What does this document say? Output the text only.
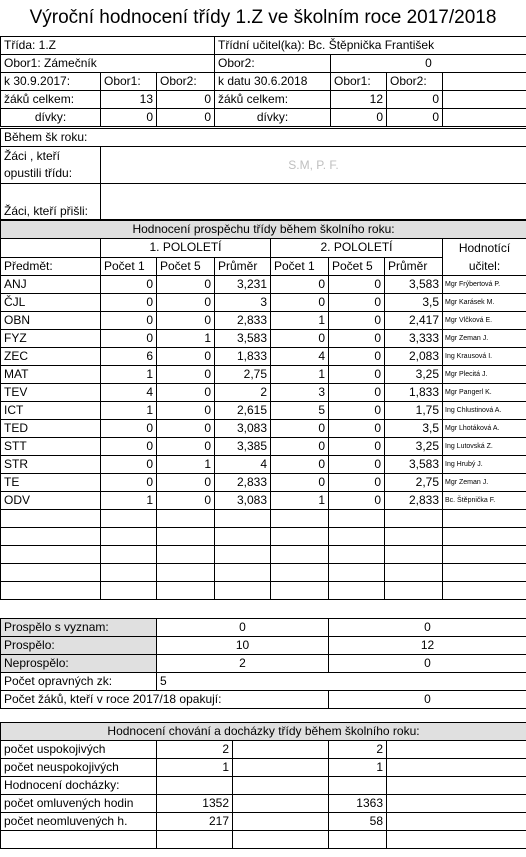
Výroční hodnocení třídy 1.Z ve školním roce 2017/2018
Třída: 1.Z			Třídní učitel(ka): Bc. Štěpnička František			
Obor1: Zámečník			Obor2:	0		
k 30.9.2017:	Obor1:	Obor2:	k datu 30.6.2018	Obor1:	Obor2:	
žáků celkem:	13	0	žáků celkem:	12	0	
dívky:	0	0	dívky:	0	0	
Během šk roku:	
Žáci , kteří
opustili třídu:	S.M, P. F.
Žáci, kteří přišli:	
Hodnocení prospěchu třídy během školního roku:							
	1. POLOLETÍ			2. POLOLETÍ			Hodnotící
učitel:
Předmět:	Počet 1	Počet 5	Průměr	Počet 1	Počet 5	Průměr	
ANJ	0	0	3,231	0	0	3,583	Mgr Frýbertová P.
ČJL	0	0	3	0	0	3,5	Mgr Karásek M.
OBN	0	0	2,833	1	0	2,417	Mgr Vlčková E.
FYZ	0	1	3,583	0	0	3,333	Mgr Zeman J.
ZEC	6	0	1,833	4	0	2,083	Ing Krausová I.
MAT	1	0	2,75	1	0	3,25	Mgr Plecitá J.
TEV	4	0	2	3	0	1,833	Mgr Pangerl K.
ICT	1	0	2,615	5	0	1,75	Ing Chlustinová A.
TED	0	0	3,083	0	0	3,5	Mgr Lhotáková A.
STT	0	0	3,385	0	0	3,25	Ing Lutovská Z.
STR	0	1	4	0	0	3,583	Ing Hrubý J.
TE	0	0	2,833	0	0	2,75	Mgr Zeman J.
ODV	1	0	3,083	1	0	2,833	Bc. Štěpnička F.

Prospělo s vyznam:	0	0
Prospělo:	10	12
Neprospělo:	2	0
Počet opravných zk:	5	
Počet žáků, kteří v roce 2017/18 opakují:		0
Hodnocení chování a docházky třídy během školního roku:				
počet uspokojivých	2		2	
počet neuspokojivých	1		1	
Hodnocení docházky:				
počet omluvených hodin	1352		1363	
počet neomluvených h.	217		58	
